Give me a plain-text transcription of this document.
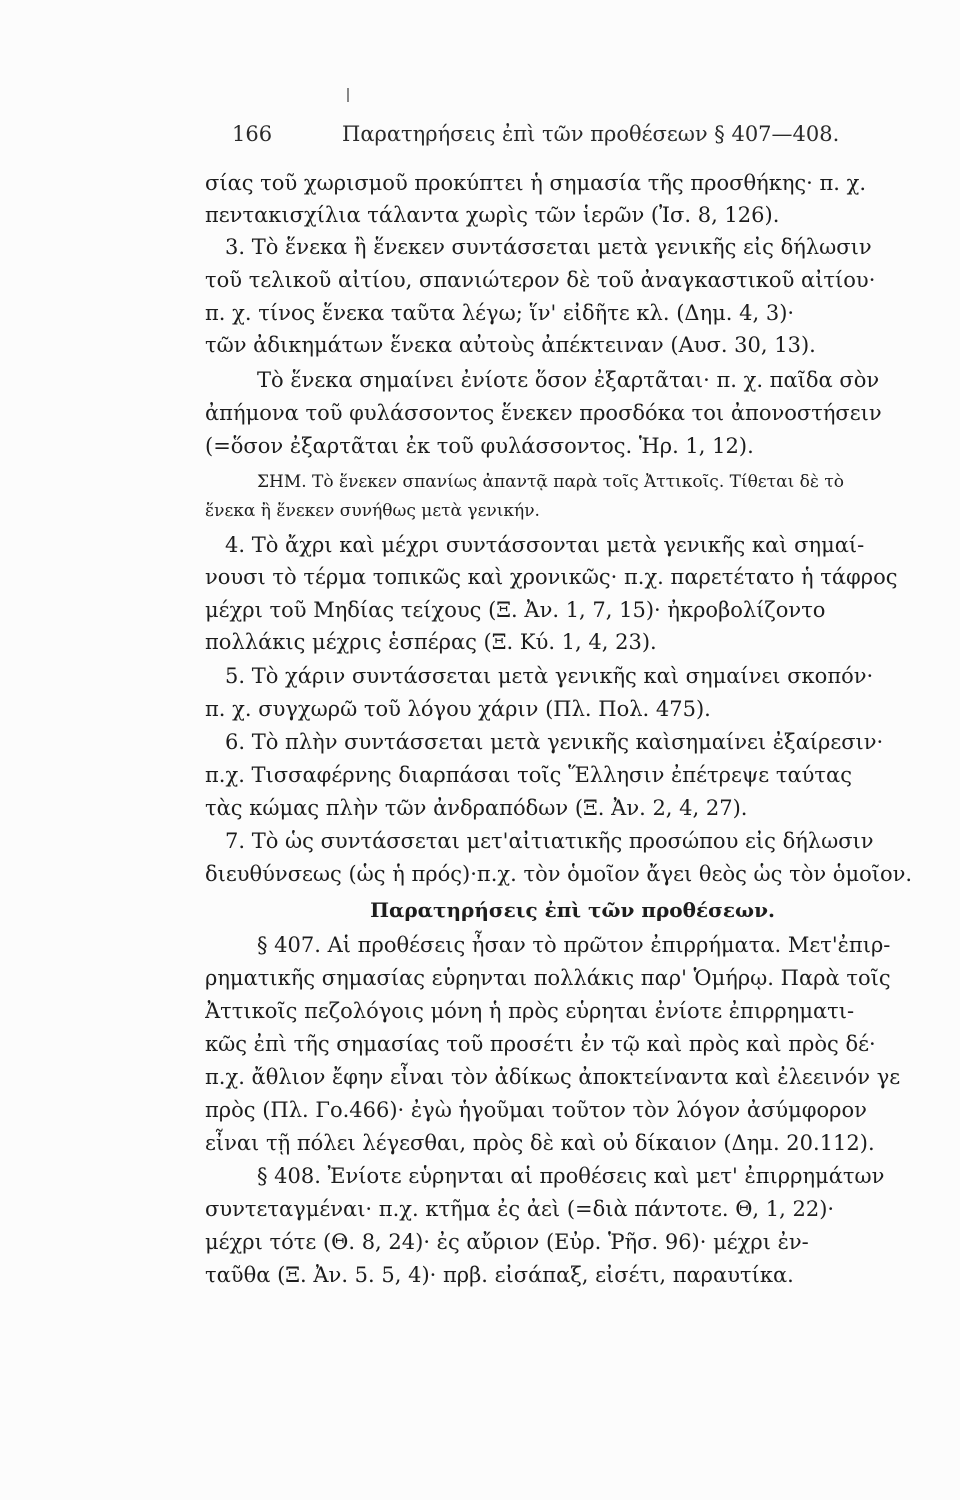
166	Παρατηρήσεις ἐπὶ τῶν προθέσεων § 407—408.
σίας τοῦ χωρισμοῦ προκύπτει ἡ σημασία τῆς προσθήκης· π. χ.
πεντακισχίλια τάλαντα χωρὶς τῶν ἱερῶν (Ἰσ. 8, 126).
3. Τὸ ἕνεκα ἢ ἕνεκεν συντάσσεται μετὰ γενικῆς εἰς δήλωσιν
τοῦ τελικοῦ αἰτίου, σπανιώτερον δὲ τοῦ ἀναγκαστικοῦ αἰτίου·
π. χ. τίνος ἕνεκα ταῦτα λέγω; ἵν' εἰδῆτε κλ. (Δημ. 4, 3)·
τῶν ἀδικημάτων ἕνεκα αὐτοὺς ἀπέκτειναν (Αυσ. 30, 13).
Τὸ ἕνεκα σημαίνει ἐνίοτε ὅσον ἐξαρτᾶται· π. χ. παῖδα σὸν
ἀπήμονα τοῦ φυλάσσοντος ἕνεκεν προσδόκα τοι ἀπονοστήσειν
(=ὅσον ἐξαρτᾶται ἐκ τοῦ φυλάσσοντος. Ἡρ. 1, 12).
ΣΗΜ. Τὸ ἕνεκεν σπανίως ἀπαντᾷ παρὰ τοῖς Ἀττικοῖς. Τίθεται δὲ τὸ
ἕνεκα ἢ ἕνεκεν συνήθως μετὰ γενικήν.
4. Τὸ ἄχρι καὶ μέχρι συντάσσονται μετὰ γενικῆς καὶ σημαί-
νουσι τὸ τέρμα τοπικῶς καὶ χρονικῶς· π.χ. παρετέτατο ἡ τάφρος
μέχρι τοῦ Μηδίας τείχους (Ξ. Ἀν. 1, 7, 15)· ἠκροβολίζοντο
πολλάκις μέχρις ἑσπέρας (Ξ. Κύ. 1, 4, 23).
5. Τὸ χάριν συντάσσεται μετὰ γενικῆς καὶ σημαίνει σκοπόν·
π. χ. συγχωρῶ τοῦ λόγου χάριν (Πλ. Πολ. 475).
6. Τὸ πλὴν συντάσσεται μετὰ γενικῆς καὶσημαίνει ἐξαίρεσιν·
π.χ. Τισσαφέρνης διαρπάσαι τοῖς Ἕλλησιν ἐπέτρεψε ταύτας
τὰς κώμας πλὴν τῶν ἀνδραπόδων (Ξ. Ἀν. 2, 4, 27).
7. Τὸ ὡς συντάσσεται μετ'αἰτιατικῆς προσώπου εἰς δήλωσιν
διευθύνσεως (ὡς ἡ πρός)·π.χ. τὸν ὁμοῖον ἄγει θεὸς ὡς τὸν ὁμοῖον.
Παρατηρήσεις ἐπὶ τῶν προθέσεων.
§ 407. Αἱ προθέσεις ἦσαν τὸ πρῶτον ἐπιρρήματα. Μετ'ἐπιρ-
ρηματικῆς σημασίας εὑρηνται πολλάκις παρ' Ὁμήρῳ. Παρὰ τοῖς
Ἀττικοῖς πεζολόγοις μόνη ἡ πρὸς εὑρηται ἐνίοτε ἐπιρρηματι-
κῶς ἐπὶ τῆς σημασίας τοῦ προσέτι ἐν τῷ καὶ πρὸς καὶ πρὸς δέ·
π.χ. ἄθλιον ἔφην εἶναι τὸν ἀδίκως ἀποκτείναντα καὶ ἐλεεινόν γε
πρὸς (Πλ. Γο.466)· ἐγὼ ἡγοῦμαι τοῦτον τὸν λόγον ἀσύμφορον
εἶναι τῇ πόλει λέγεσθαι, πρὸς δὲ καὶ οὐ δίκαιον (Δημ. 20.112).
§ 408. Ἐνίοτε εὑρηνται αἱ προθέσεις καὶ μετ' ἐπιρρημάτων
συντεταγμέναι· π.χ. κτῆμα ἐς ἀεὶ (=διὰ πάντοτε. Θ, 1, 22)·
μέχρι τότε (Θ. 8, 24)· ἐς αὔριον (Εὐρ. Ῥῆσ. 96)· μέχρι ἐν-
ταῦθα (Ξ. Ἀν. 5. 5, 4)· πρβ. εἰσάπαξ, εἰσέτι, παραυτίκα.
